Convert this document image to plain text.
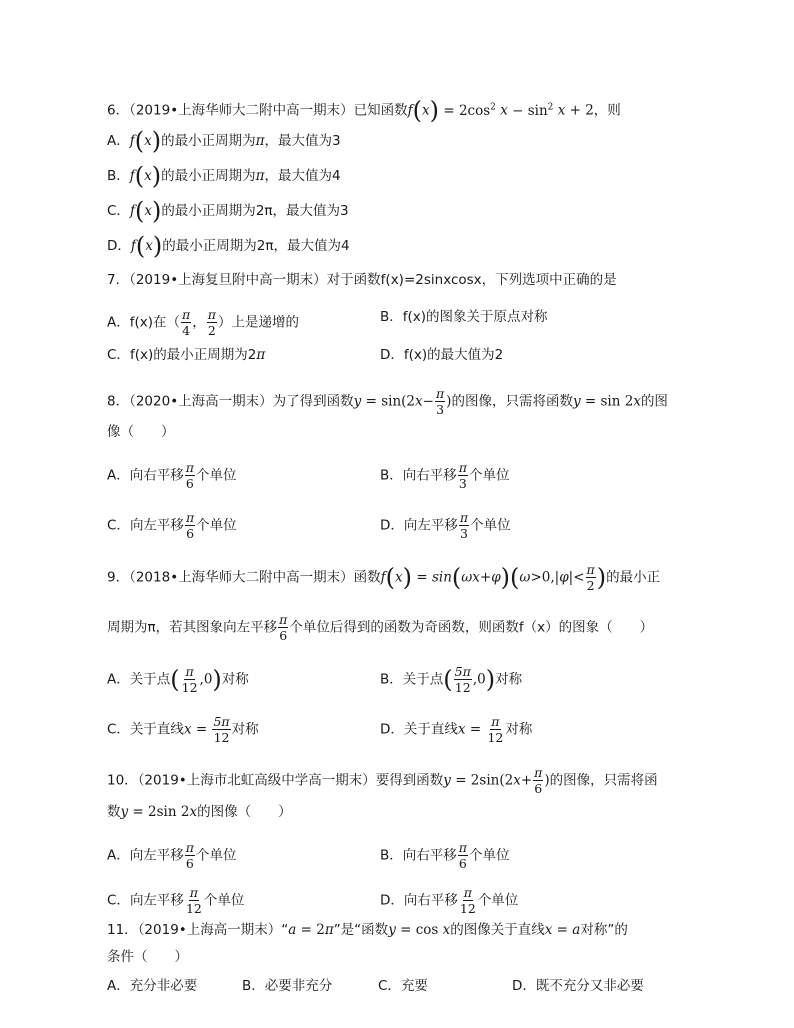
6．（2019•上海华师大二附中高一期末）已知函数$f(x) = 2\cos^2$ $x - \sin^2 x + 2$，则
A．f(x)的最小正周期为π，最大值为3
B．f(x)的最小正周期为π，最大值为4
C．f(x)的最小正周期为2π，最大值为3
D．f(x)的最小正周期为2π，最大值为4
7．（2019•上海复旦附中高一期末）对于函数f(x)=2sinxcosx，下列选项中正确的是
A．f(x)在（ $\frac{\pi}{4}$ ， $\frac{\pi}{2}$ ）上是递增的	B．f(x)的图象关于原点对称
C．f(x)的最小正周期为2π	D．f(x)的最大值为2
8．（2020•上海高一期末）为了得到函数$y = \sin(2x- \frac{\pi}{3}$ )的图像，只需将函数y = sin 2x的图
像（　　）
A．向右平移 $\frac{\pi}{6}$ 个单位	B．向右平移 $\frac{\pi}{3}$ 个单位
C．向左平移 $\frac{\pi}{6}$ 个单位	D．向左平移 $\frac{\pi}{3}$ 个单位
9．（2018•上海华师大二附中高一期末）函数$f(x) = \sin(\omega x+\varphi)(\omega>0,|\varphi|< \frac{\pi}{2}$ )的最小正
周期为π，若其图象向左平移 $\frac{\pi}{6}$ 个单位后得到的函数为奇函数，则函数f（x）的图象（　　）
A．关于点( $\frac{\pi}{12} ,0$)对称	B．关于点( $\frac{5\pi}{12} ,0$)对称
C．关于直线$x = \frac{5\pi}{12}$ 对称	D．关于直线$x = \frac{\pi}{12}$ 对称
10．（2019•上海市北虹高级中学高一期末）要得到函数$y = 2\sin(2x+ \frac{\pi}{6}$ )的图像，只需将函
数y = 2sin 2x的图像（　　）
A．向左平移 $\frac{\pi}{6}$ 个单位	B．向右平移 $\frac{\pi}{6}$ 个单位
C．向左平移 $\frac{\pi}{12}$ 个单位	D．向右平移 $\frac{\pi}{12}$ 个单位
11．（2019•上海高一期末）“a = 2π”是“函数y = cos x的图像关于直线x = a对称”的
条件（　　）
A．充分非必要	B．必要非充分	C．充要	D．既不充分又非必要
